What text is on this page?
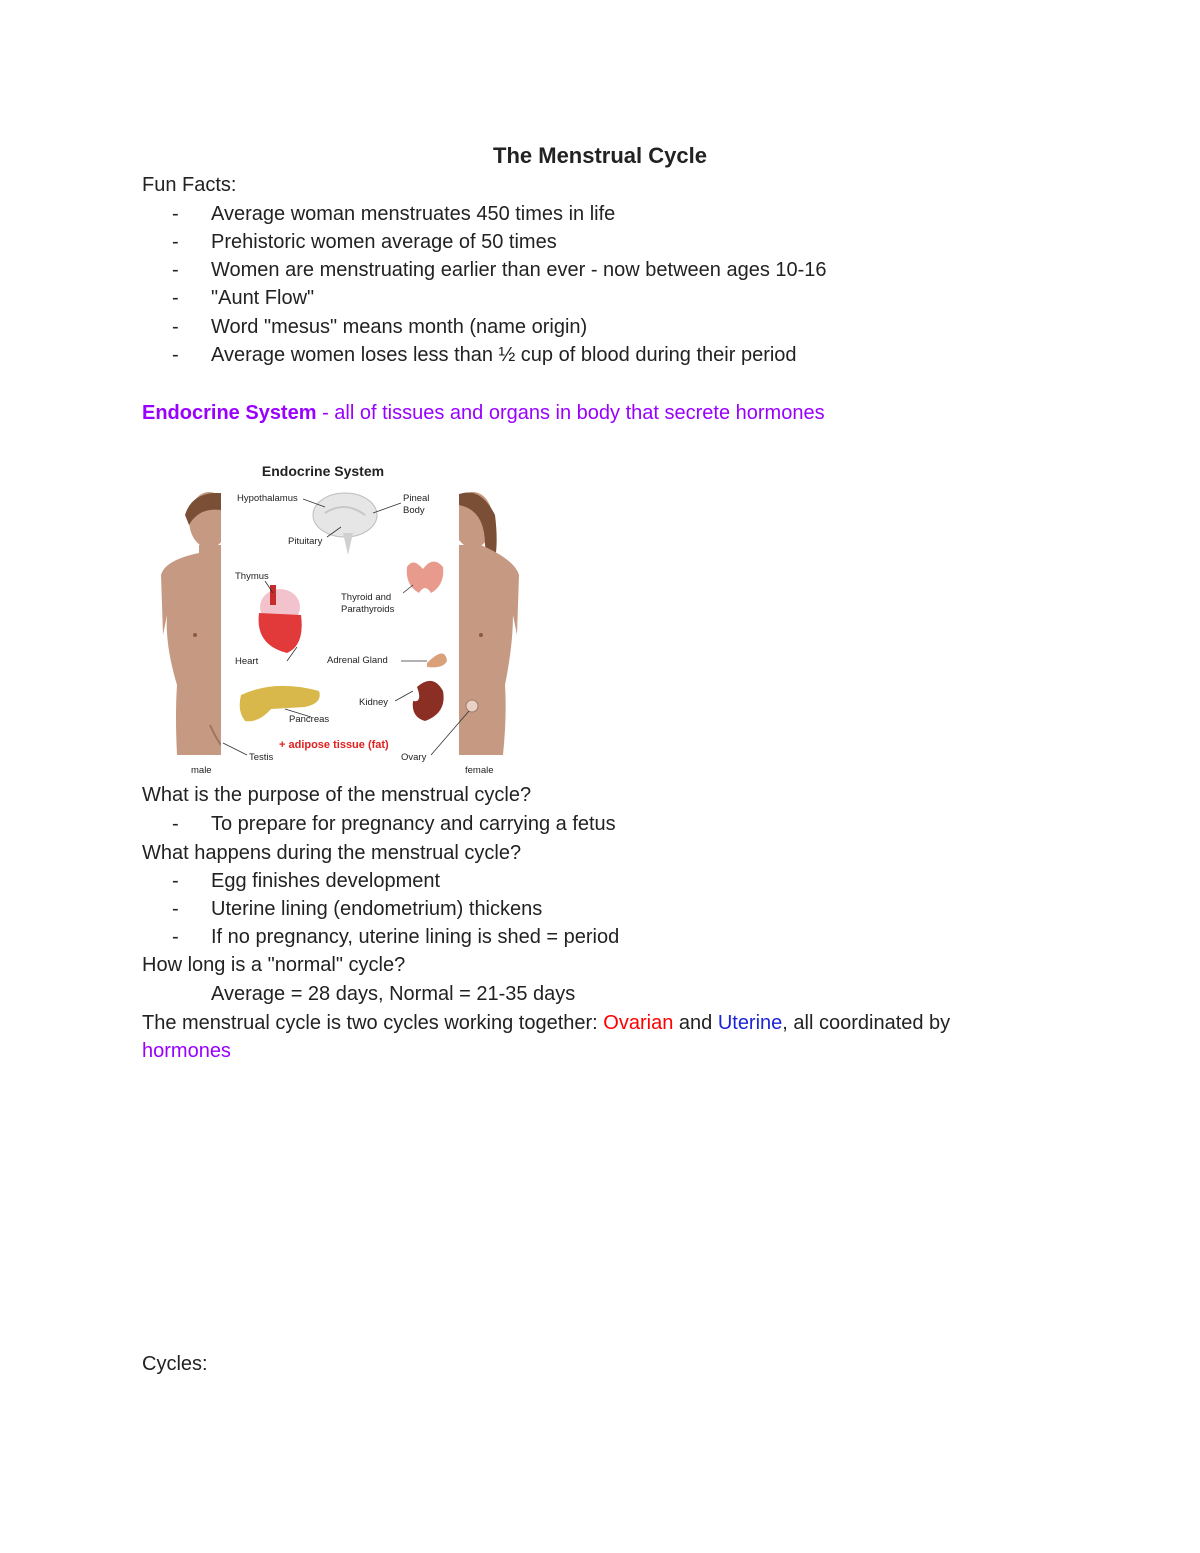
The Menstrual Cycle
Fun Facts:
- Average woman menstruates 450 times in life
- Prehistoric women average of 50 times
- Women are menstruating earlier than ever - now between ages 10-16
- "Aunt Flow"
- Word "mesus" means month (name origin)
- Average women loses less than ½ cup of blood during their period
Endocrine System - all of tissues and organs in body that secrete hormones
Endocrine System
Hypothalamus	Pineal
Body
Pituitary
Thymus
Thyroid and
Parathyroids
Heart	Adrenal Gland
Kidney
Pancreas
Testis	Ovary
male	female
+ adipose tissue (fat)
What is the purpose of the menstrual cycle?
- To prepare for pregnancy and carrying a fetus
What happens during the menstrual cycle?
- Egg finishes development
- Uterine lining (endometrium) thickens
- If no pregnancy, uterine lining is shed = period
How long is a "normal" cycle?
Average = 28 days, Normal = 21-35 days
The menstrual cycle is two cycles working together: Ovarian and Uterine, all coordinated by
hormones
Cycles:
